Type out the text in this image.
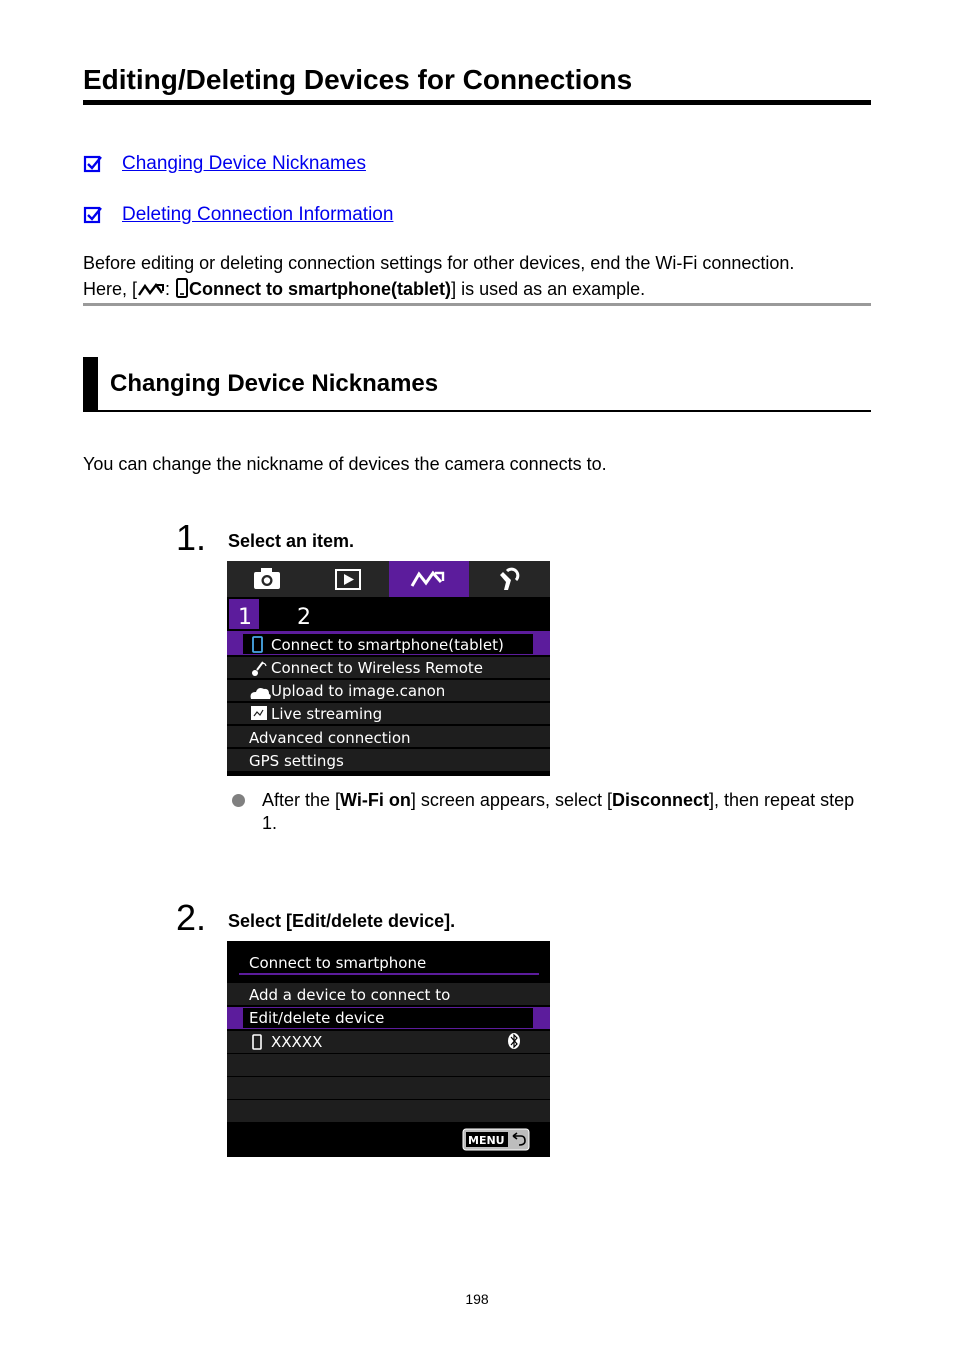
Editing/Deleting Devices for Connections
Changing Device Nicknames
Deleting Connection Information
Before editing or deleting connection settings for other devices, end the Wi-Fi connection.
Here, [ : Connect to smartphone(tablet)] is used as an example.
Changing Device Nicknames
You can change the nickname of devices the camera connects to.
1. Select an item.
1 2
Connect to smartphone(tablet)
Connect to Wireless Remote
Upload to image.canon
Live streaming
Advanced connection
GPS settings
After the [Wi-Fi on] screen appears, select [Disconnect], then repeat step 1.
2. Select [Edit/delete device].
Connect to smartphone
Add a device to connect to
Edit/delete device
XXXXX
MENU
198
